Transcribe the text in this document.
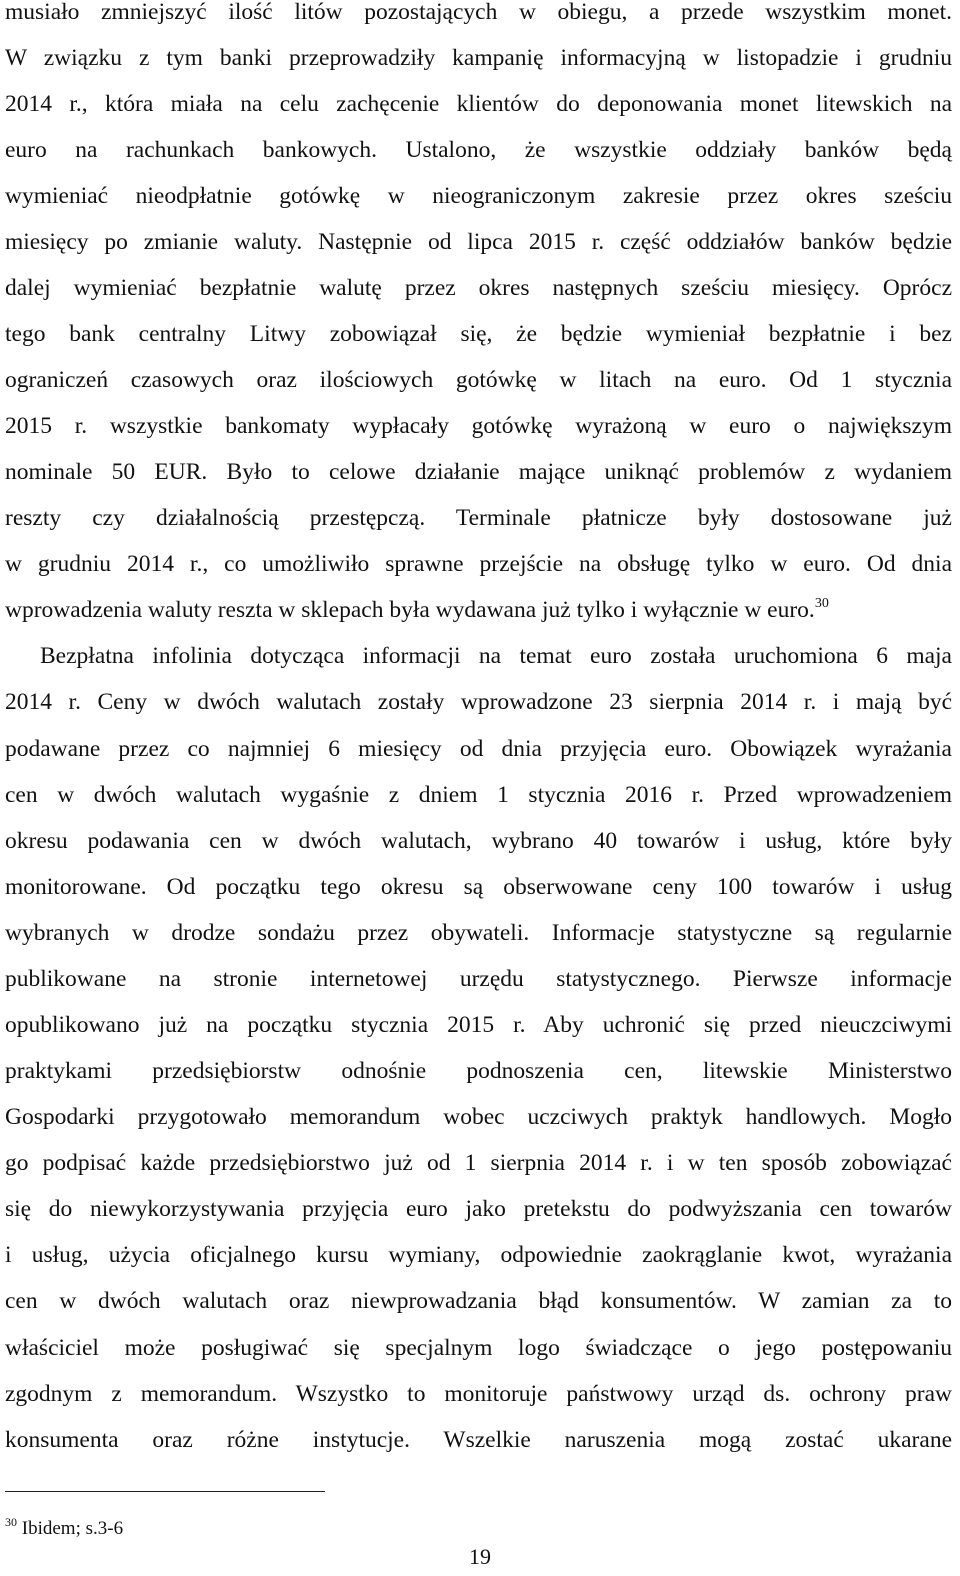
musiało zmniejszyć ilość litów pozostających w obiegu, a przede wszystkim monet.
W związku z tym banki przeprowadziły kampanię informacyjną w listopadzie i grudniu
2014 r., która miała na celu zachęcenie klientów do deponowania monet litewskich na
euro na rachunkach bankowych. Ustalono, że wszystkie oddziały banków będą
wymieniać nieodpłatnie gotówkę w nieograniczonym zakresie przez okres sześciu
miesięcy po zmianie waluty. Następnie od lipca 2015 r. część oddziałów banków będzie
dalej wymieniać bezpłatnie walutę przez okres następnych sześciu miesięcy. Oprócz
tego bank centralny Litwy zobowiązał się, że będzie wymieniał bezpłatnie i bez
ograniczeń czasowych oraz ilościowych gotówkę w litach na euro. Od 1 stycznia
2015 r. wszystkie bankomaty wypłacały gotówkę wyrażoną w euro o największym
nominale 50 EUR. Było to celowe działanie mające uniknąć problemów z wydaniem
reszty czy działalnością przestępczą. Terminale płatnicze były dostosowane już
w grudniu 2014 r., co umożliwiło sprawne przejście na obsługę tylko w euro. Od dnia
wprowadzenia waluty reszta w sklepach była wydawana już tylko i wyłącznie w euro.$^{30}$
Bezpłatna infolinia dotycząca informacji na temat euro została uruchomiona 6 maja
2014 r. Ceny w dwóch walutach zostały wprowadzone 23 sierpnia 2014 r. i mają być
podawane przez co najmniej 6 miesięcy od dnia przyjęcia euro. Obowiązek wyrażania
cen w dwóch walutach wygaśnie z dniem 1 stycznia 2016 r. Przed wprowadzeniem
okresu podawania cen w dwóch walutach, wybrano 40 towarów i usług, które były
monitorowane. Od początku tego okresu są obserwowane ceny 100 towarów i usług
wybranych w drodze sondażu przez obywateli. Informacje statystyczne są regularnie
publikowane na stronie internetowej urzędu statystycznego. Pierwsze informacje
opublikowano już na początku stycznia 2015 r. Aby uchronić się przed nieuczciwymi
praktykami przedsiębiorstw odnośnie podnoszenia cen, litewskie Ministerstwo
Gospodarki przygotowało memorandum wobec uczciwych praktyk handlowych. Mogło
go podpisać każde przedsiębiorstwo już od 1 sierpnia 2014 r. i w ten sposób zobowiązać
się do niewykorzystywania przyjęcia euro jako pretekstu do podwyższania cen towarów
i usług, użycia oficjalnego kursu wymiany, odpowiednie zaokrąglanie kwot, wyrażania
cen w dwóch walutach oraz niewprowadzania błąd konsumentów. W zamian za to
właściciel może posługiwać się specjalnym logo świadczące o jego postępowaniu
zgodnym z memorandum. Wszystko to monitoruje państwowy urząd ds. ochrony praw
konsumenta oraz różne instytucje. Wszelkie naruszenia mogą zostać ukarane
$^{30}$ Ibidem; s.3-6
19
